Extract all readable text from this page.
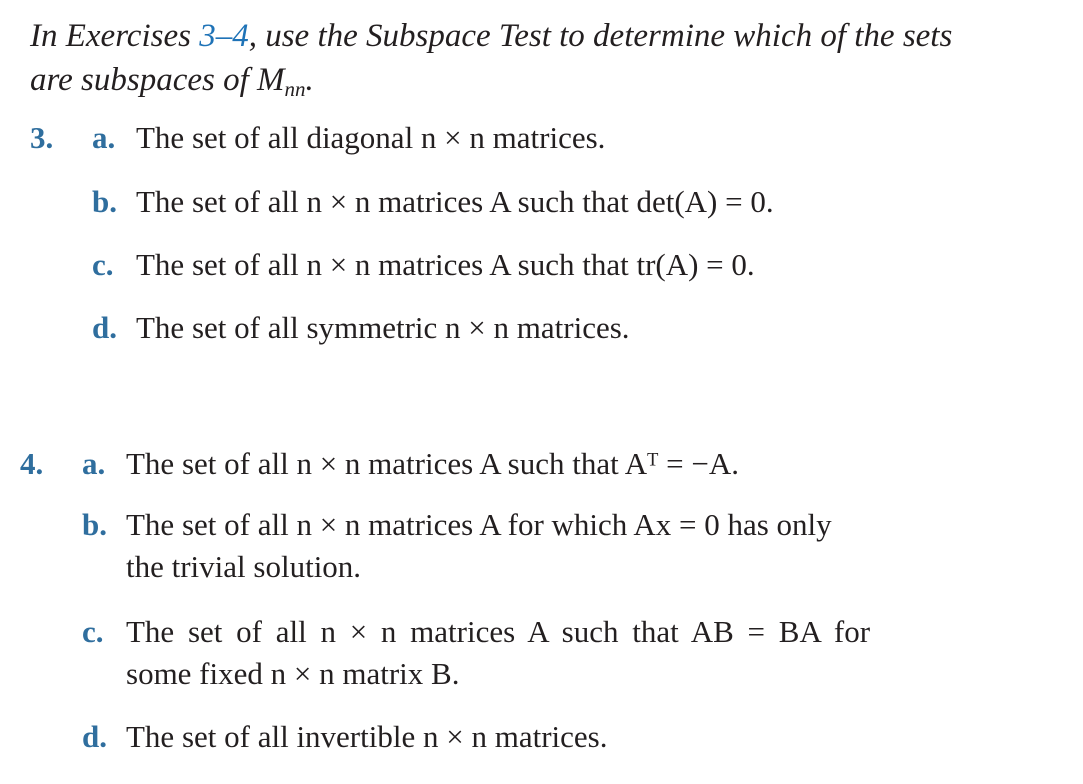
In Exercises 3–4, use the Subspace Test to determine which of the sets
are subspaces of $M_{nn}$.
3. a. The set of all diagonal n × n matrices.
b. The set of all n × n matrices A such that det(A) = 0.
c. The set of all n × n matrices A such that tr(A) = 0.
d. The set of all symmetric n × n matrices.
4. a. The set of all n × n matrices A such that Aᵀ = −A.
b. The set of all n × n matrices A for which Ax = 0 has only

the trivial solution.
c. The set of all n × n matrices A such that AB = BA for

some fixed n × n matrix B.
d. The set of all invertible n × n matrices.
